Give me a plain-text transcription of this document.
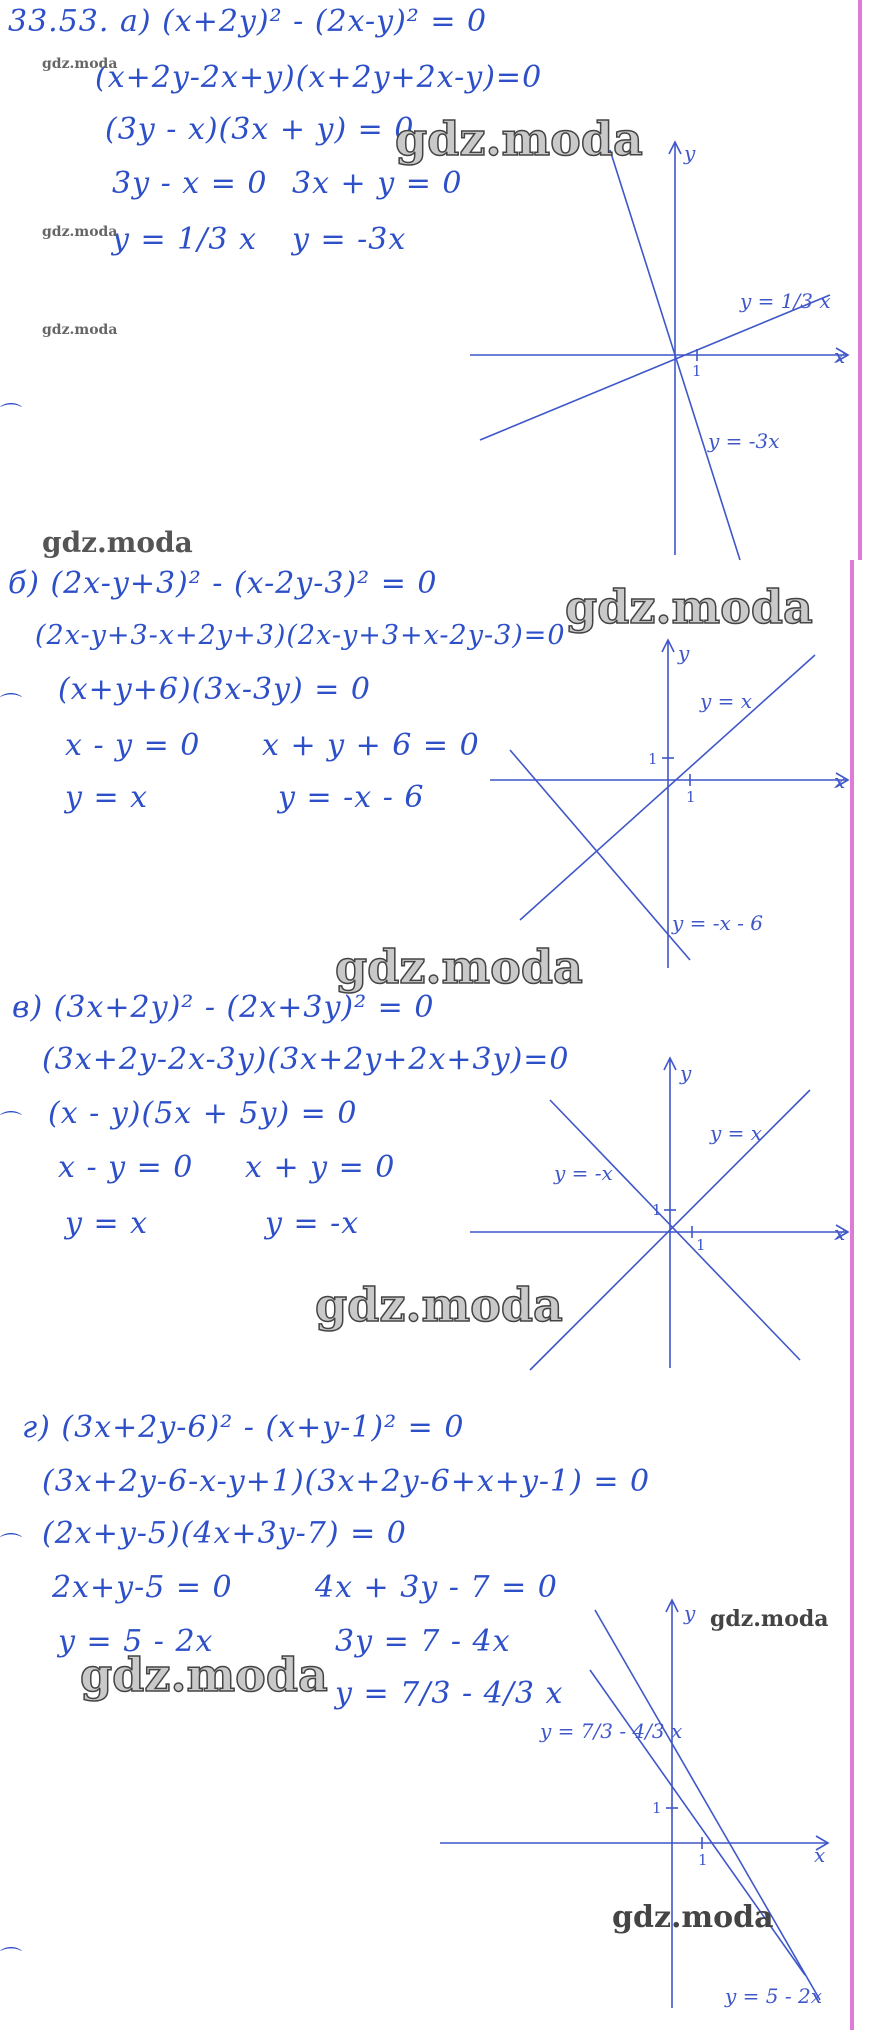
33.53. а) (x+2y)² - (2x-y)² = 0
(x+2y-2x+y)(x+2y+2x-y)=0
(3y - x)(3x + y) = 0
3y - x = 0 3x + y = 0
y = 1/3 x y = -3x
y
x
1
y = 1/3 x
y = -3x
б) (2x-y+3)² - (x-2y-3)² = 0
(2x-y+3-x+2y+3)(2x-y+3+x-2y-3)=0
(x+y+6)(3x-3y) = 0
x - y = 0 x + y + 6 = 0
y = x	y = -x - 6
y
x
1
1
y = x
y = -x - 6
в) (3x+2y)² - (2x+3y)² = 0
(3x+2y-2x-3y)(3x+2y+2x+3y)=0
(x - y)(5x + 5y) = 0
x - y = 0 x + y = 0
y = x	y = -x
y
x
1
1
y = x
y = -x
г) (3x+2y-6)² - (x+y-1)² = 0
(3x+2y-6-x-y+1)(3x+2y-6+x+y-1) = 0
(2x+y-5)(4x+3y-7) = 0
2x+y-5 = 0	4x + 3y - 7 = 0
y = 5 - 2x	3y = 7 - 4x
y = 7/3 - 4/3 x
y
x
1
1
y = 7/3 - 4/3 x
y = 5 - 2x
⌒
⌒
⌒
⌒
⌒
gdz.moda
gdz.moda
gdz.moda
gdz.moda
gdz.moda
gdz.moda
gdz.moda
gdz.moda
gdz.moda
gdz.moda
gdz.moda
